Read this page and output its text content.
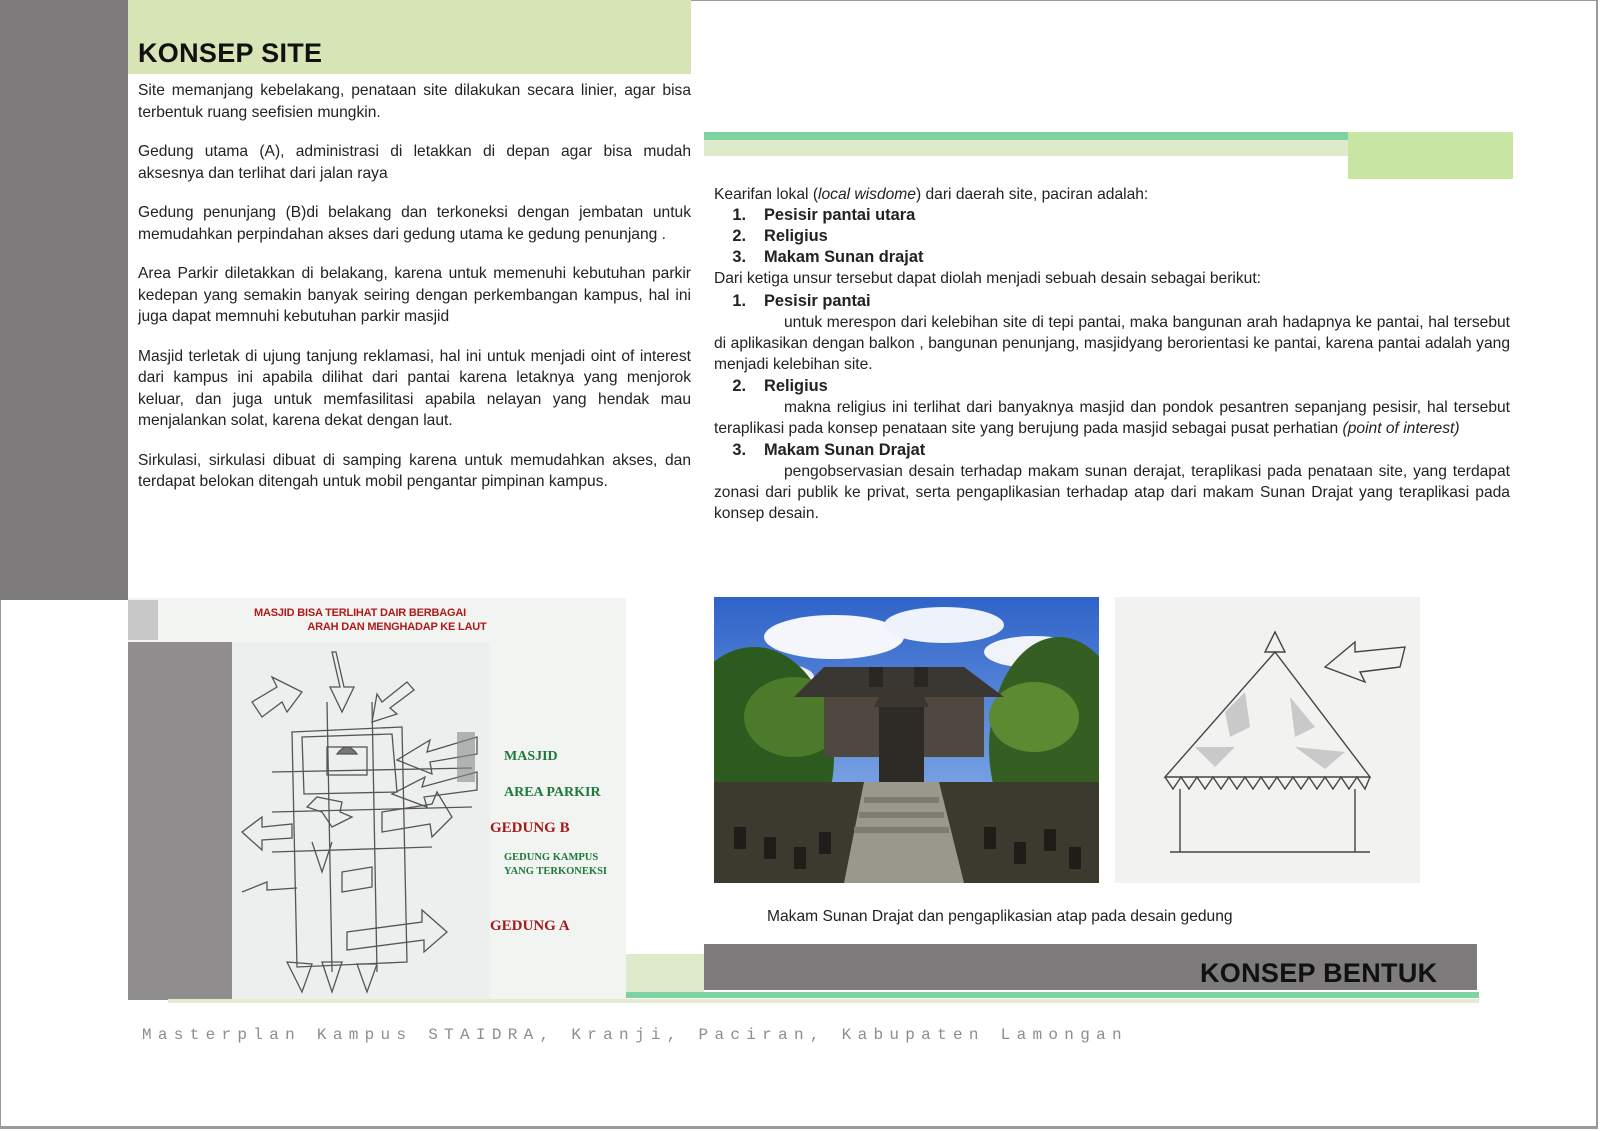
KONSEP SITE

Site memanjang kebelakang, penataan site dilakukan secara linier, agar bisa terbentuk ruang seefisien mungkin.

Gedung utama (A), administrasi di letakkan di depan agar bisa mudah aksesnya dan terlihat dari jalan raya

Gedung penunjang (B)di belakang dan terkoneksi dengan jembatan untuk memudahkan perpindahan akses dari gedung utama ke gedung penunjang .

Area Parkir diletakkan di belakang, karena untuk memenuhi kebutuhan parkir kedepan yang semakin banyak seiring dengan perkembangan kampus, hal ini juga dapat memnuhi kebutuhan parkir masjid

Masjid terletak di ujung tanjung reklamasi, hal ini untuk menjadi oint of interest dari kampus ini apabila dilihat dari pantai karena letaknya yang menjorok keluar, dan juga untuk memfasilitasi apabila nelayan yang hendak mau menjalankan solat, karena dekat dengan laut.

Sirkulasi, sirkulasi dibuat di samping karena untuk memudahkan akses, dan terdapat belokan ditengah untuk mobil pengantar pimpinan kampus.

MASJID BISA TERLIHAT DAIR BERBAGAI
ARAH DAN MENGHADAP KE LAUT
MASJID
AREA PARKIR
GEDUNG B
GEDUNG KAMPUS
YANG TERKONEKSI
GEDUNG A
Kearifan lokal (local wisdome) dari daerah site, paciran adalah:
1.	Pesisir pantai utara
2.	Religius
3.	Makam Sunan drajat
Dari ketiga unsur tersebut dapat diolah menjadi sebuah desain sebagai berikut:
1.	Pesisir pantai
untuk merespon dari kelebihan site di tepi pantai, maka bangunan arah hadapnya ke pantai, hal tersebut di aplikasikan dengan balkon , bangunan penunjang, masjidyang berorientasi ke pantai, karena pantai adalah yang menjadi kelebihan site.
2.	Religius
makna religius ini terlihat dari banyaknya masjid dan pondok pesantren sepanjang pesisir, hal tersebut teraplikasi pada konsep penataan site yang berujung pada masjid sebagai pusat perhatian (point of interest)
3.	Makam Sunan Drajat
pengobservasian desain terhadap makam sunan derajat, teraplikasi pada penataan site, yang terdapat zonasi dari publik ke privat, serta pengaplikasian terhadap atap dari makam Sunan Drajat yang teraplikasi pada konsep desain.
Makam Sunan Drajat dan pengaplikasian atap pada desain gedung
KONSEP BENTUK
Masterplan Kampus STAIDRA, Kranji, Paciran, Kabupaten Lamongan
